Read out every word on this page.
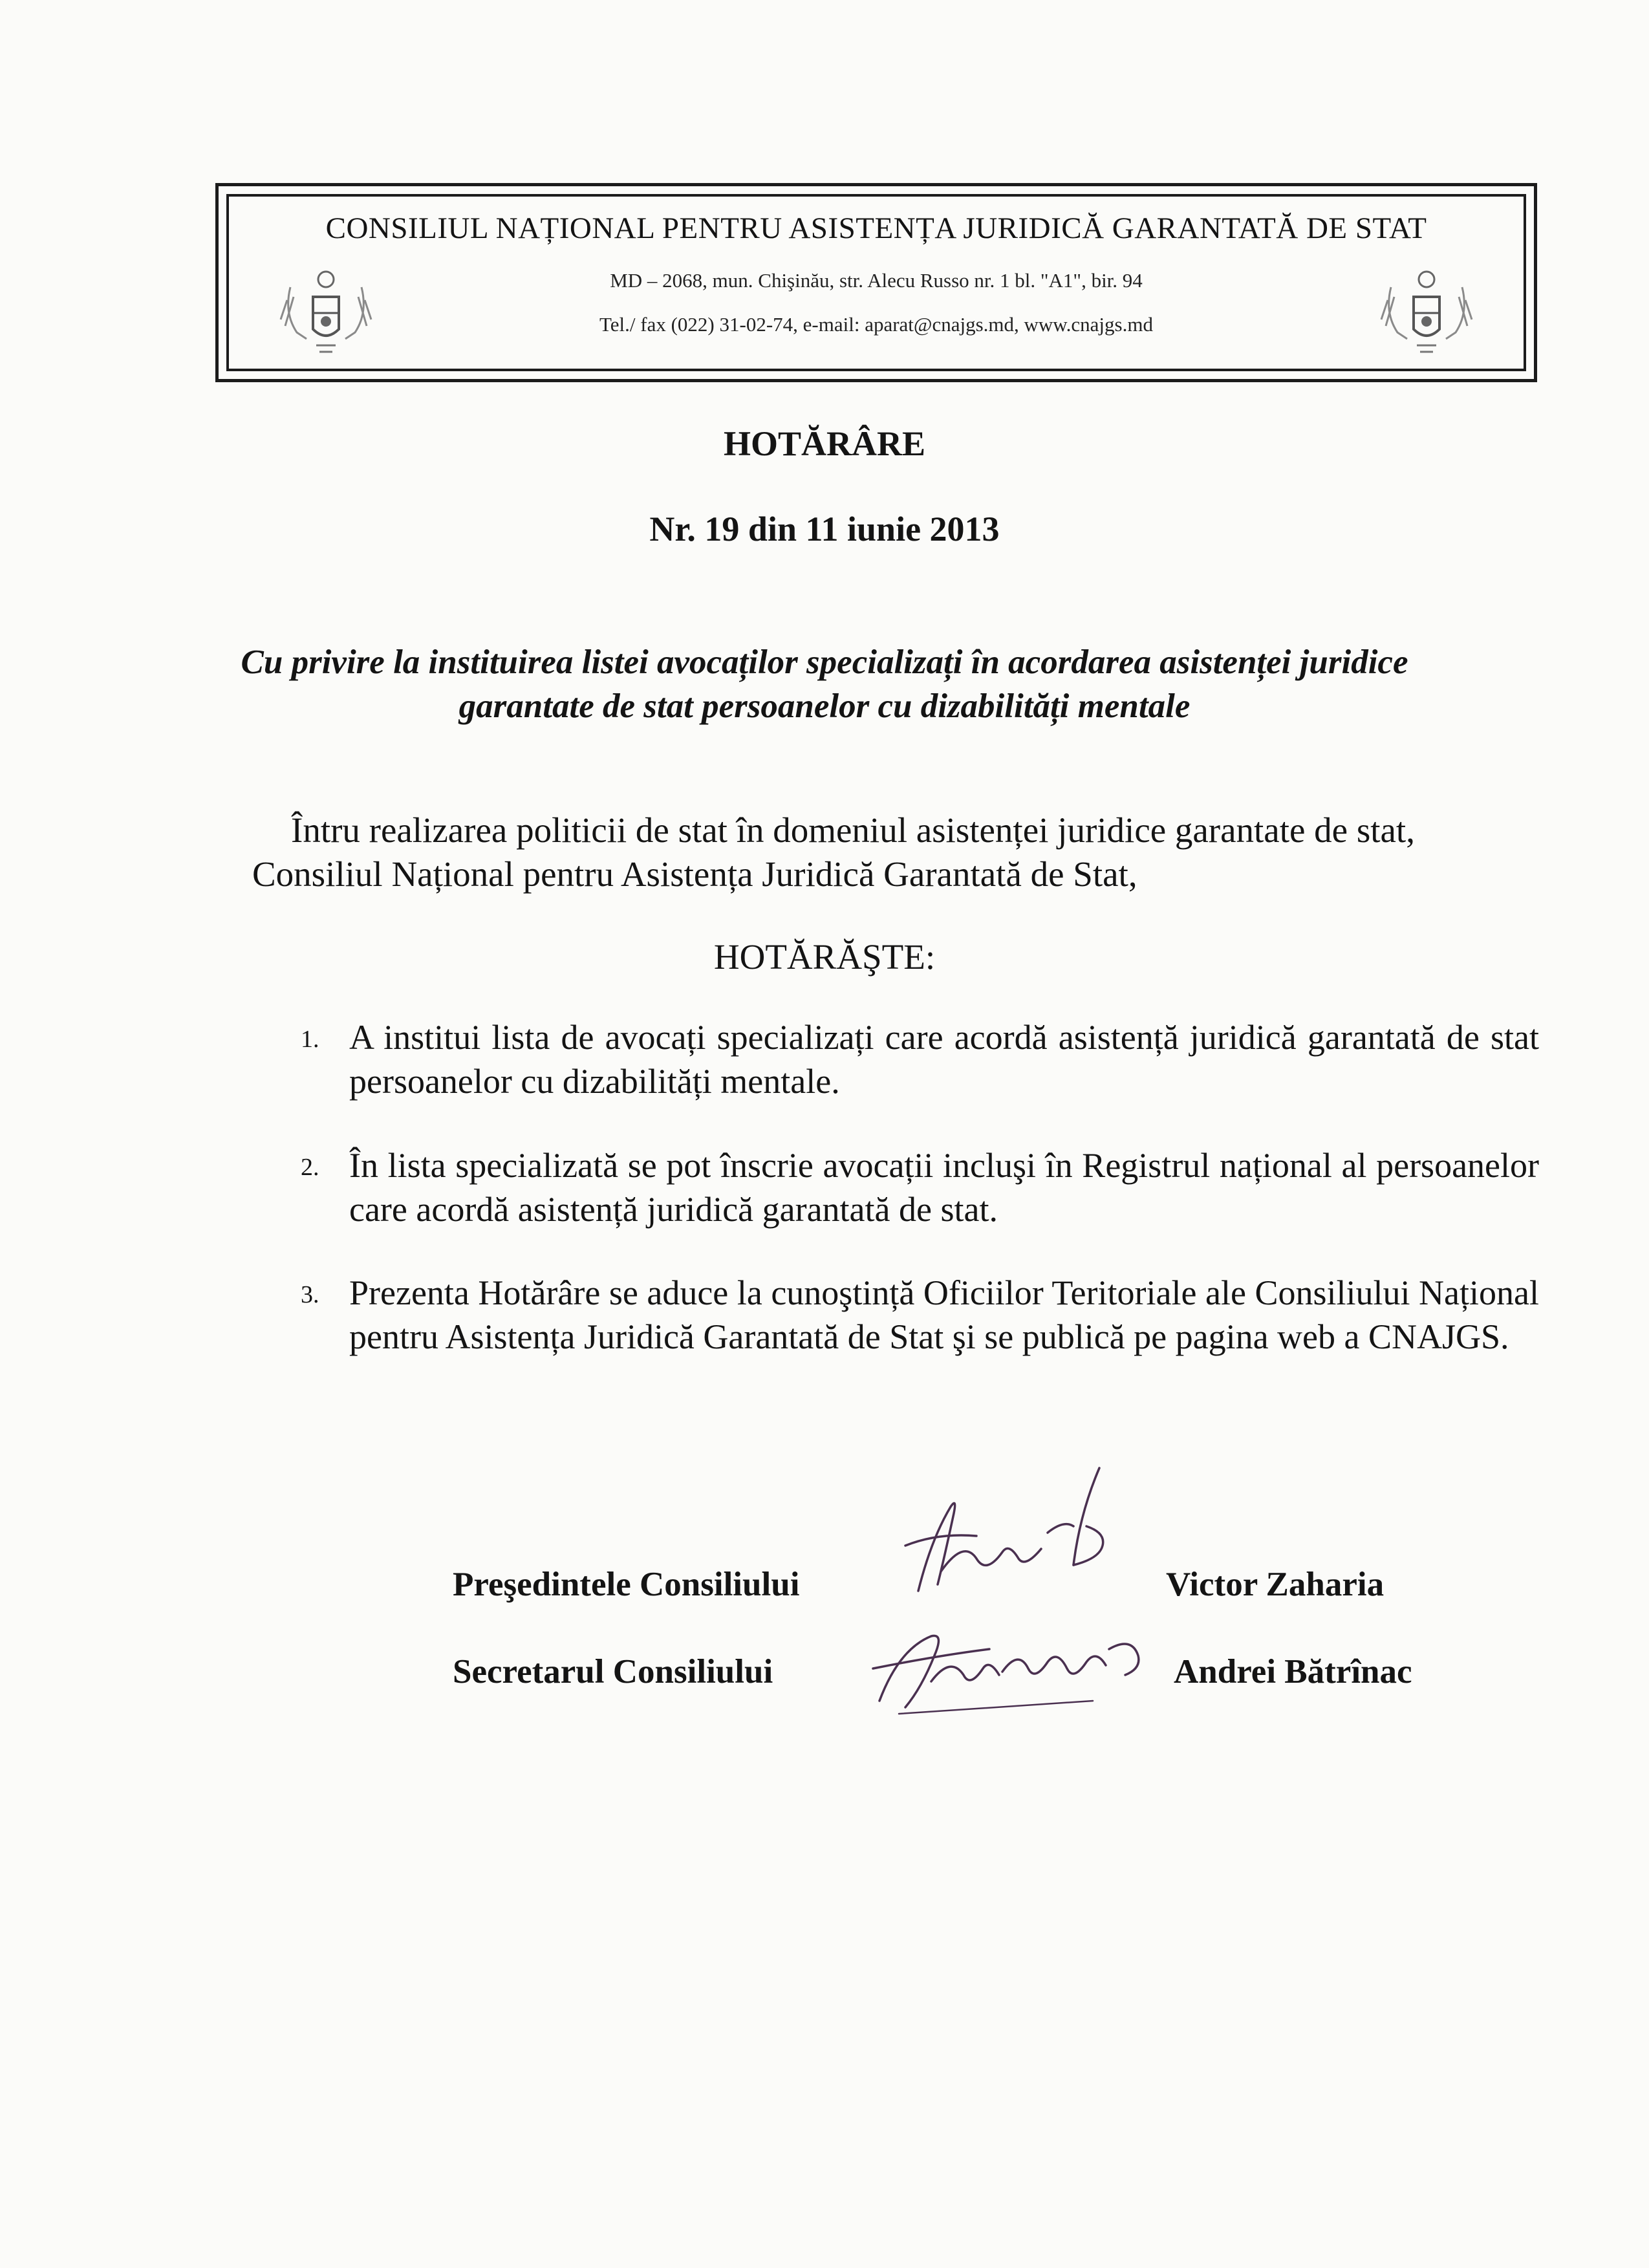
CONSILIUL NAȚIONAL PENTRU ASISTENȚA JURIDICĂ GARANTATĂ DE STAT
MD – 2068, mun. Chişinău, str. Alecu Russo nr. 1 bl. "A1", bir. 94
Tel./ fax (022) 31-02-74, e-mail: aparat@cnajgs.md, www.cnajgs.md
HOTĂRÂRE
Nr. 19 din 11 iunie 2013
Cu privire la instituirea listei avocaților specializați în acordarea asistenței juridice
garantate de stat persoanelor cu dizabilități mentale
Întru realizarea politicii de stat în domeniul asistenței juridice garantate de stat,
Consiliul Național pentru Asistența Juridică Garantată de Stat,
HOTĂRĂŞTE:
1. A institui lista de avocați specializați care acordă asistență juridică garantată de stat persoanelor cu dizabilități mentale.
2. În lista specializată se pot înscrie avocații incluşi în Registrul național al persoanelor care acordă asistență juridică garantată de stat.
3. Prezenta Hotărâre se aduce la cunoştință Oficiilor Teritoriale ale Consiliului Național pentru Asistența Juridică Garantată de Stat şi se publică pe pagina web a CNAJGS.
Preşedintele Consiliului	Victor Zaharia
Secretarul Consiliului	Andrei Bătrînac
